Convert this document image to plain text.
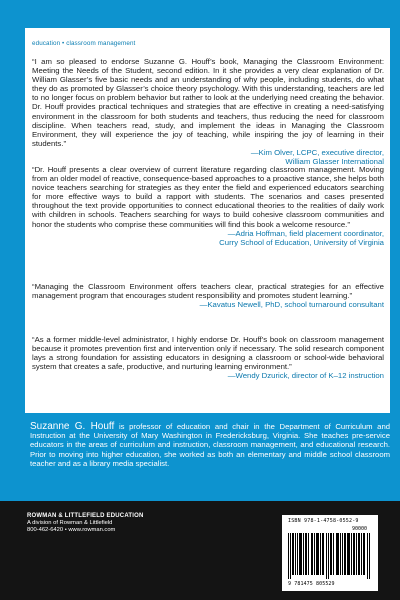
education • classroom management
“I am so pleased to endorse Suzanne G. Houff’s book, Managing the Classroom Environment: Meeting the Needs of the Student, second edition. In it she provides a very clear explanation of Dr. William Glasser’s five basic needs and an understanding of why people, including students, do what they do as promoted by Glasser’s choice theory psychology. With this understanding, teachers are led to no longer focus on problem behavior but rather to look at the underlying need creating the behavior. Dr. Houff provides practical techniques and strategies that are effective in creating a need-satisfying environment in the classroom for both students and teachers, thus reducing the need for classroom discipline. When teachers read, study, and implement the ideas in Managing the Classroom Environment, they will experience the joy of teaching, while inspiring the joy of learning in their students.”
—Kim Olver, LCPC, executive director,
William Glasser International
“Dr. Houff presents a clear overview of current literature regarding classroom management. Moving from an older model of reactive, consequence-based approaches to a proactive stance, she helps both novice teachers searching for strategies as they enter the field and experienced educators searching for more effective ways to build a rapport with students. The scenarios and cases presented throughout the text provide opportunities to connect educational theories to the realities of daily work with children in schools. Teachers searching for ways to build cohesive classroom communities and honor the students who comprise these communities will find this book a welcome resource.”
—Adria Hoffman, field placement coordinator,
Curry School of Education, University of Virginia
“Managing the Classroom Environment offers teachers clear, practical strategies for an effective management program that encourages student responsibility and promotes student learning.”
—Kavatus Newell, PhD, school turnaround consultant
“As a former middle-level administrator, I highly endorse Dr. Houff’s book on classroom management because it promotes prevention first and intervention only if necessary. The solid research component lays a strong foundation for assisting educators in designing a classroom or school-wide behavioral system that creates a safe, productive, and nurturing learning environment.”
—Wendy Dzurick, director of K–12 instruction
Suzanne G. Houff is professor of education and chair in the Department of Curriculum and Instruction at the University of Mary Washington in Fredericksburg, Virginia. She teaches pre-service educators in the areas of curriculum and instruction, classroom management, and educational research. Prior to moving into higher education, she worked as both an elementary and middle school classroom teacher and as a library media specialist.
ROWMAN & LITTLEFIELD EDUCATION
A division of Rowman & Littlefield
800-462-6420 • www.rowman.com
ISBN 978-1-4758-0552-9
90000
9 781475 805529
